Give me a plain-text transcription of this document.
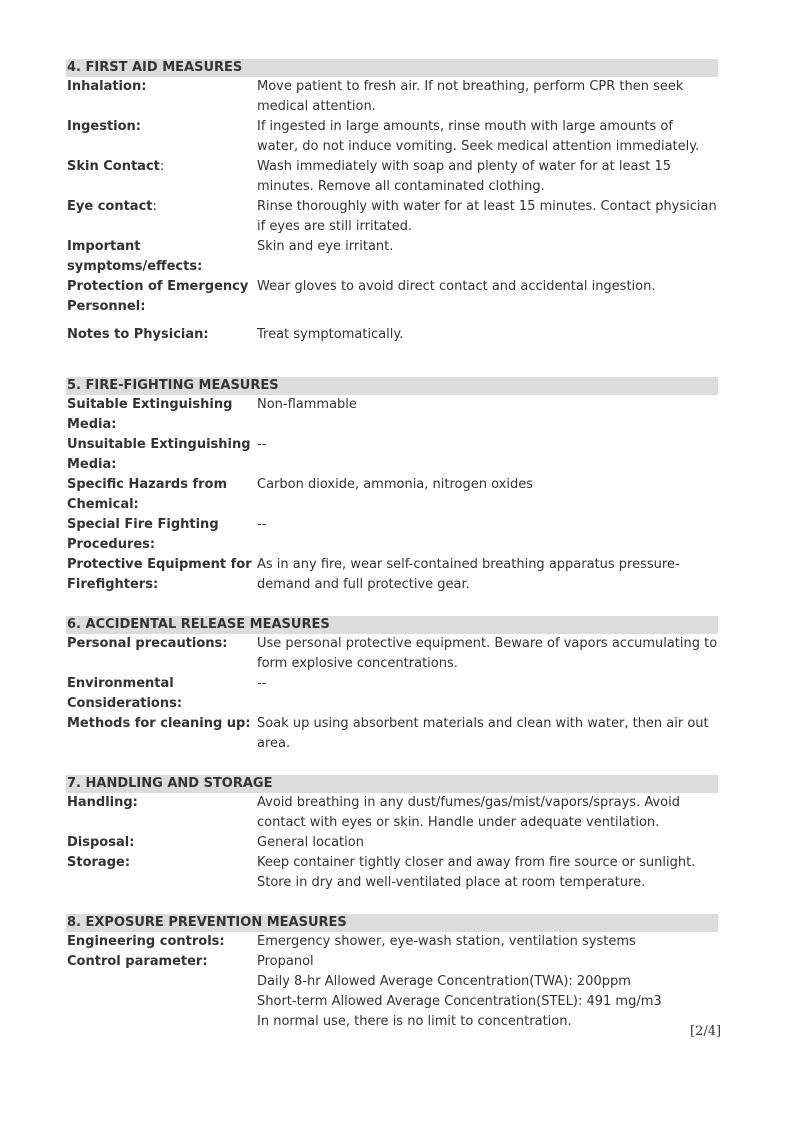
4. FIRST AID MEASURES
Inhalation:	Move patient to fresh air. If not breathing, perform CPR then seek medical attention.
Ingestion:	If ingested in large amounts, rinse mouth with large amounts of water, do not induce vomiting. Seek medical attention immediately.
Skin Contact:	Wash immediately with soap and plenty of water for at least 15 minutes. Remove all contaminated clothing.
Eye contact:	Rinse thoroughly with water for at least 15 minutes. Contact physician if eyes are still irritated.
Important symptoms/effects:
Skin and eye irritant.
Protection of Emergency Personnel:
Wear gloves to avoid direct contact and accidental ingestion.
Notes to Physician:	Treat symptomatically.
5. FIRE-FIGHTING MEASURES
Suitable Extinguishing Media:
Non-flammable
Unsuitable Extinguishing Media:
--
Specific Hazards from Chemical:
Carbon dioxide, ammonia, nitrogen oxides
Special Fire Fighting Procedures:
--
Protective Equipment for Firefighters:
As in any fire, wear self-contained breathing apparatus pressure-demand and full protective gear.
6. ACCIDENTAL RELEASE MEASURES
Personal precautions:	Use personal protective equipment. Beware of vapors accumulating to form explosive concentrations.
Environmental Considerations:
--
Methods for cleaning up: Soak up using absorbent materials and clean with water, then air out area.
7. HANDLING AND STORAGE
Handling:	Avoid breathing in any dust/fumes/gas/mist/vapors/sprays. Avoid contact with eyes or skin. Handle under adequate ventilation.
Disposal:	General location
Storage:	Keep container tightly closer and away from fire source or sunlight. Store in dry and well-ventilated place at room temperature.
8. EXPOSURE PREVENTION MEASURES
Engineering controls:	Emergency shower, eye-wash station, ventilation systems
Control parameter:	Propanol
Daily 8-hr Allowed Average Concentration(TWA): 200ppm
Short-term Allowed Average Concentration(STEL): 491 mg/m3
In normal use, there is no limit to concentration.
[2/4]
